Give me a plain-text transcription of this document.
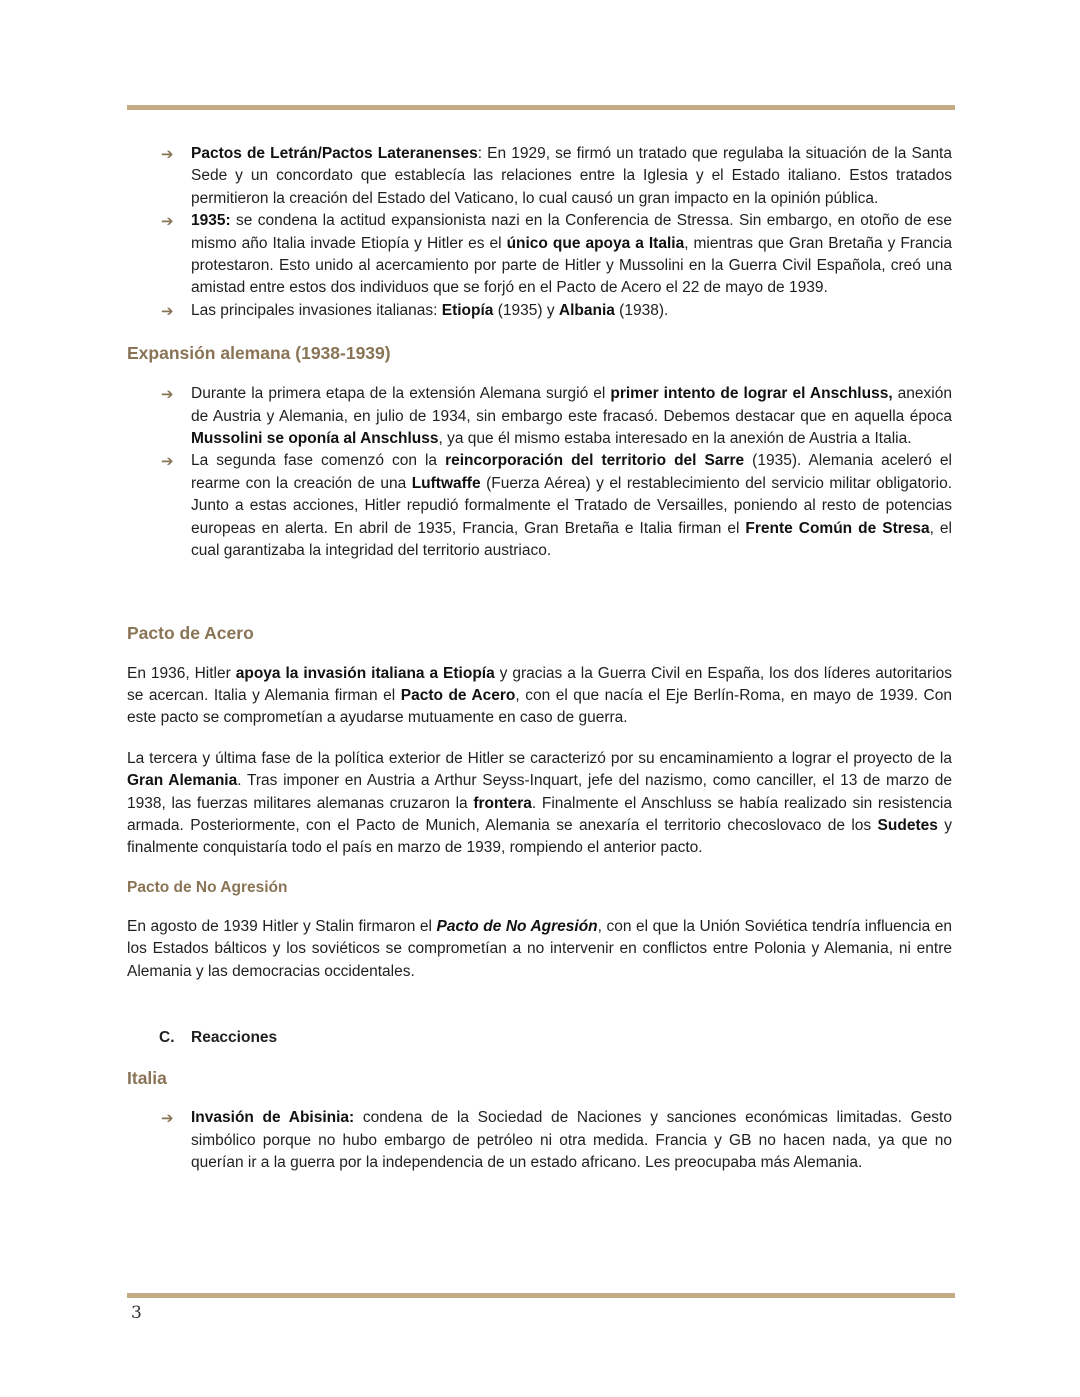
➔ Pactos de Letrán/Pactos Lateranenses: En 1929, se firmó un tratado que regulaba la situación de la Santa Sede y un concordato que establecía las relaciones entre la Iglesia y el Estado italiano. Estos tratados permitieron la creación del Estado del Vaticano, lo cual causó un gran impacto en la opinión pública.
➔ 1935: se condena la actitud expansionista nazi en la Conferencia de Stressa. Sin embargo, en otoño de ese mismo año Italia invade Etiopía y Hitler es el único que apoya a Italia, mientras que Gran Bretaña y Francia protestaron. Esto unido al acercamiento por parte de Hitler y Mussolini en la Guerra Civil Española, creó una amistad entre estos dos individuos que se forjó en el Pacto de Acero el 22 de mayo de 1939.
➔ Las principales invasiones italianas: Etiopía (1935) y Albania (1938).
Expansión alemana (1938-1939)
➔ Durante la primera etapa de la extensión Alemana surgió el primer intento de lograr el Anschluss, anexión de Austria y Alemania, en julio de 1934, sin embargo este fracasó. Debemos destacar que en aquella época Mussolini se oponía al Anschluss, ya que él mismo estaba interesado en la anexión de Austria a Italia.
➔ La segunda fase comenzó con la reincorporación del territorio del Sarre (1935). Alemania aceleró el rearme con la creación de una Luftwaffe (Fuerza Aérea) y el restablecimiento del servicio militar obligatorio. Junto a estas acciones, Hitler repudió formalmente el Tratado de Versailles, poniendo al resto de potencias europeas en alerta. En abril de 1935, Francia, Gran Bretaña e Italia firman el Frente Común de Stresa, el cual garantizaba la integridad del territorio austriaco.
Pacto de Acero

En 1936, Hitler apoya la invasión italiana a Etiopía y gracias a la Guerra Civil en España, los dos líderes autoritarios se acercan. Italia y Alemania firman el Pacto de Acero, con el que nacía el Eje Berlín-Roma, en mayo de 1939. Con este pacto se comprometían a ayudarse mutuamente en caso de guerra.

La tercera y última fase de la política exterior de Hitler se caracterizó por su encaminamiento a lograr el proyecto de la Gran Alemania. Tras imponer en Austria a Arthur Seyss-Inquart, jefe del nazismo, como canciller, el 13 de marzo de 1938, las fuerzas militares alemanas cruzaron la frontera. Finalmente el Anschluss se había realizado sin resistencia armada. Posteriormente, con el Pacto de Munich, Alemania se anexaría el territorio checoslovaco de los Sudetes y finalmente conquistaría todo el país en marzo de 1939, rompiendo el anterior pacto.

Pacto de No Agresión

En agosto de 1939 Hitler y Stalin firmaron el Pacto de No Agresión, con el que la Unión Soviética tendría influencia en los Estados bálticos y los soviéticos se comprometían a no intervenir en conflictos entre Polonia y Alemania, ni entre Alemania y las democracias occidentales.

C. Reacciones
Italia
➔ Invasión de Abisinia: condena de la Sociedad de Naciones y sanciones económicas limitadas. Gesto simbólico porque no hubo embargo de petróleo ni otra medida. Francia y GB no hacen nada, ya que no querían ir a la guerra por la independencia de un estado africano. Les preocupaba más Alemania.
3
